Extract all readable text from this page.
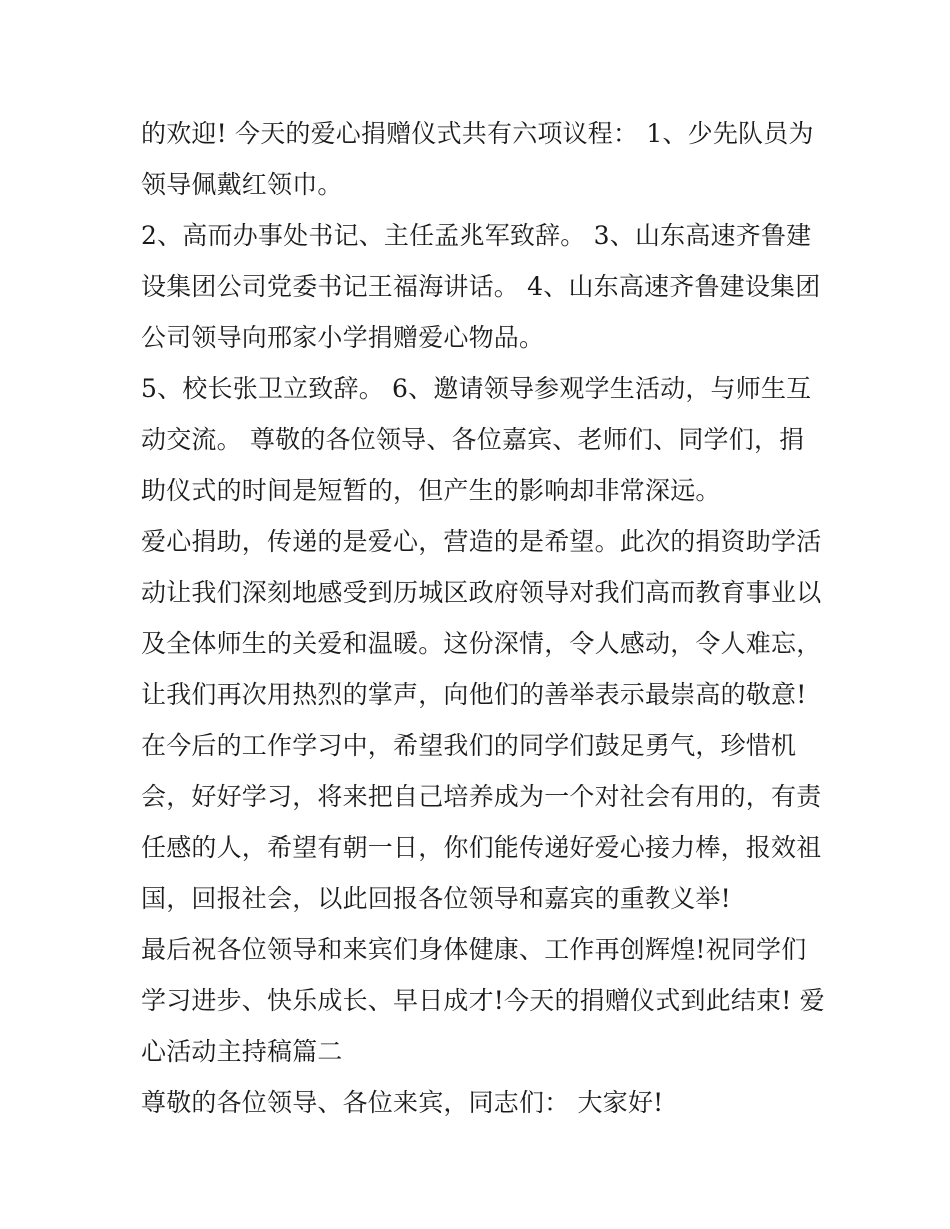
的欢迎! 今天的爱心捐赠仪式共有六项议程： 1、少先队员为
领导佩戴红领巾。
2、高而办事处书记、主任孟兆军致辞。 3、山东高速齐鲁建
设集团公司党委书记王福海讲话。 4、山东高速齐鲁建设集团
公司领导向邢家小学捐赠爱心物品。
5、校长张卫立致辞。 6、邀请领导参观学生活动，与师生互
动交流。 尊敬的各位领导、各位嘉宾、老师们、同学们，捐
助仪式的时间是短暂的，但产生的影响却非常深远。
爱心捐助，传递的是爱心，营造的是希望。此次的捐资助学活
动让我们深刻地感受到历城区政府领导对我们高而教育事业以
及全体师生的关爱和温暖。这份深情，令人感动，令人难忘，
让我们再次用热烈的掌声，向他们的善举表示最崇高的敬意!
在今后的工作学习中，希望我们的同学们鼓足勇气，珍惜机
会，好好学习，将来把自己培养成为一个对社会有用的，有责
任感的人，希望有朝一日，你们能传递好爱心接力棒，报效祖
国，回报社会，以此回报各位领导和嘉宾的重教义举!
最后祝各位领导和来宾们身体健康、工作再创辉煌!祝同学们
学习进步、快乐成长、早日成才!今天的捐赠仪式到此结束! 爱
心活动主持稿篇二
尊敬的各位领导、各位来宾，同志们： 大家好!
